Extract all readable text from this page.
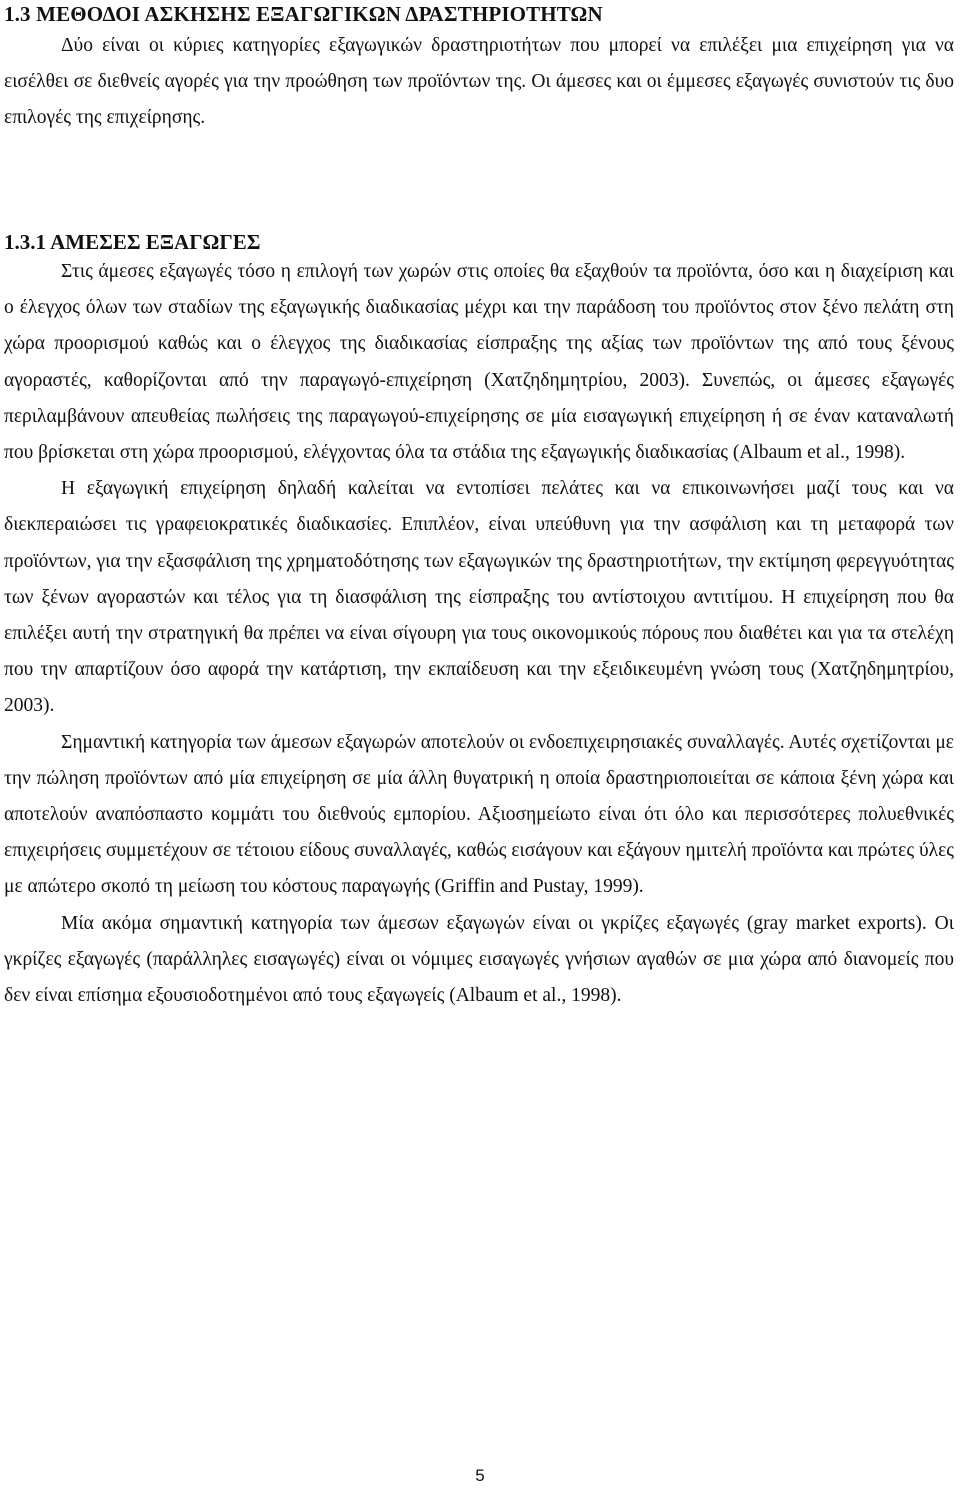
1.3 ΜΕΘΟΔΟΙ ΑΣΚΗΣΗΣ ΕΞΑΓΩΓΙΚΩΝ ΔΡΑΣΤΗΡΙΟΤΗΤΩΝ

Δύο είναι οι κύριες κατηγορίες εξαγωγικών δραστηριοτήτων που μπορεί να επιλέξει μια επιχείρηση για να εισέλθει σε διεθνείς αγορές για την προώθηση των προϊόντων της. Οι άμεσες και οι έμμεσες εξαγωγές συνιστούν τις δυο επιλογές της επιχείρησης.

1.3.1 ΑΜΕΣΕΣ ΕΞΑΓΩΓΕΣ

Στις άμεσες εξαγωγές τόσο η επιλογή των χωρών στις οποίες θα εξαχθούν τα προϊόντα, όσο και η διαχείριση και ο έλεγχος όλων των σταδίων της εξαγωγικής διαδικασίας μέχρι και την παράδοση του προϊόντος στον ξένο πελάτη στη χώρα προορισμού καθώς και ο έλεγχος της διαδικασίας είσπραξης της αξίας των προϊόντων της από τους ξένους αγοραστές, καθορίζονται από την παραγωγό-επιχείρηση (Χατζηδημητρίου, 2003). Συνεπώς, οι άμεσες εξαγωγές περιλαμβάνουν απευθείας πωλήσεις της παραγωγού-επιχείρησης σε μία εισαγωγική επιχείρηση ή σε έναν καταναλωτή που βρίσκεται στη χώρα προορισμού, ελέγχοντας όλα τα στάδια της εξαγωγικής διαδικασίας (Albaum et al., 1998).

Η εξαγωγική επιχείρηση δηλαδή καλείται να εντοπίσει πελάτες και να επικοινωνήσει μαζί τους και να διεκπεραιώσει τις γραφειοκρατικές διαδικασίες. Επιπλέον, είναι υπεύθυνη για την ασφάλιση και τη μεταφορά των προϊόντων, για την εξασφάλιση της χρηματοδότησης των εξαγωγικών της δραστηριοτήτων, την εκτίμηση φερεγγυότητας των ξένων αγοραστών και τέλος για τη διασφάλιση της είσπραξης του αντίστοιχου αντιτίμου. Η επιχείρηση που θα επιλέξει αυτή την στρατηγική θα πρέπει να είναι σίγουρη για τους οικονομικούς πόρους που διαθέτει και για τα στελέχη που την απαρτίζουν όσο αφορά την κατάρτιση, την εκπαίδευση και την εξειδικευμένη γνώση τους (Χατζηδημητρίου, 2003).

Σημαντική κατηγορία των άμεσων εξαγωρών αποτελούν οι ενδοεπιχειρησιακές συναλλαγές. Αυτές σχετίζονται με την πώληση προϊόντων από μία επιχείρηση σε μία άλλη θυγατρική η οποία δραστηριοποιείται σε κάποια ξένη χώρα και αποτελούν αναπόσπαστο κομμάτι του διεθνούς εμπορίου. Αξιοσημείωτο είναι ότι όλο και περισσότερες πολυεθνικές επιχειρήσεις συμμετέχουν σε τέτοιου είδους συναλλαγές, καθώς εισάγουν και εξάγουν ημιτελή προϊόντα και πρώτες ύλες με απώτερο σκοπό τη μείωση του κόστους παραγωγής (Griffin and Pustay, 1999).

Μία ακόμα σημαντική κατηγορία των άμεσων εξαγωγών είναι οι γκρίζες εξαγωγές (gray market exports). Οι γκρίζες εξαγωγές (παράλληλες εισαγωγές) είναι οι νόμιμες εισαγωγές γνήσιων αγαθών σε μια χώρα από διανομείς που δεν είναι επίσημα εξουσιοδοτημένοι από τους εξαγωγείς (Albaum et al., 1998).

5
